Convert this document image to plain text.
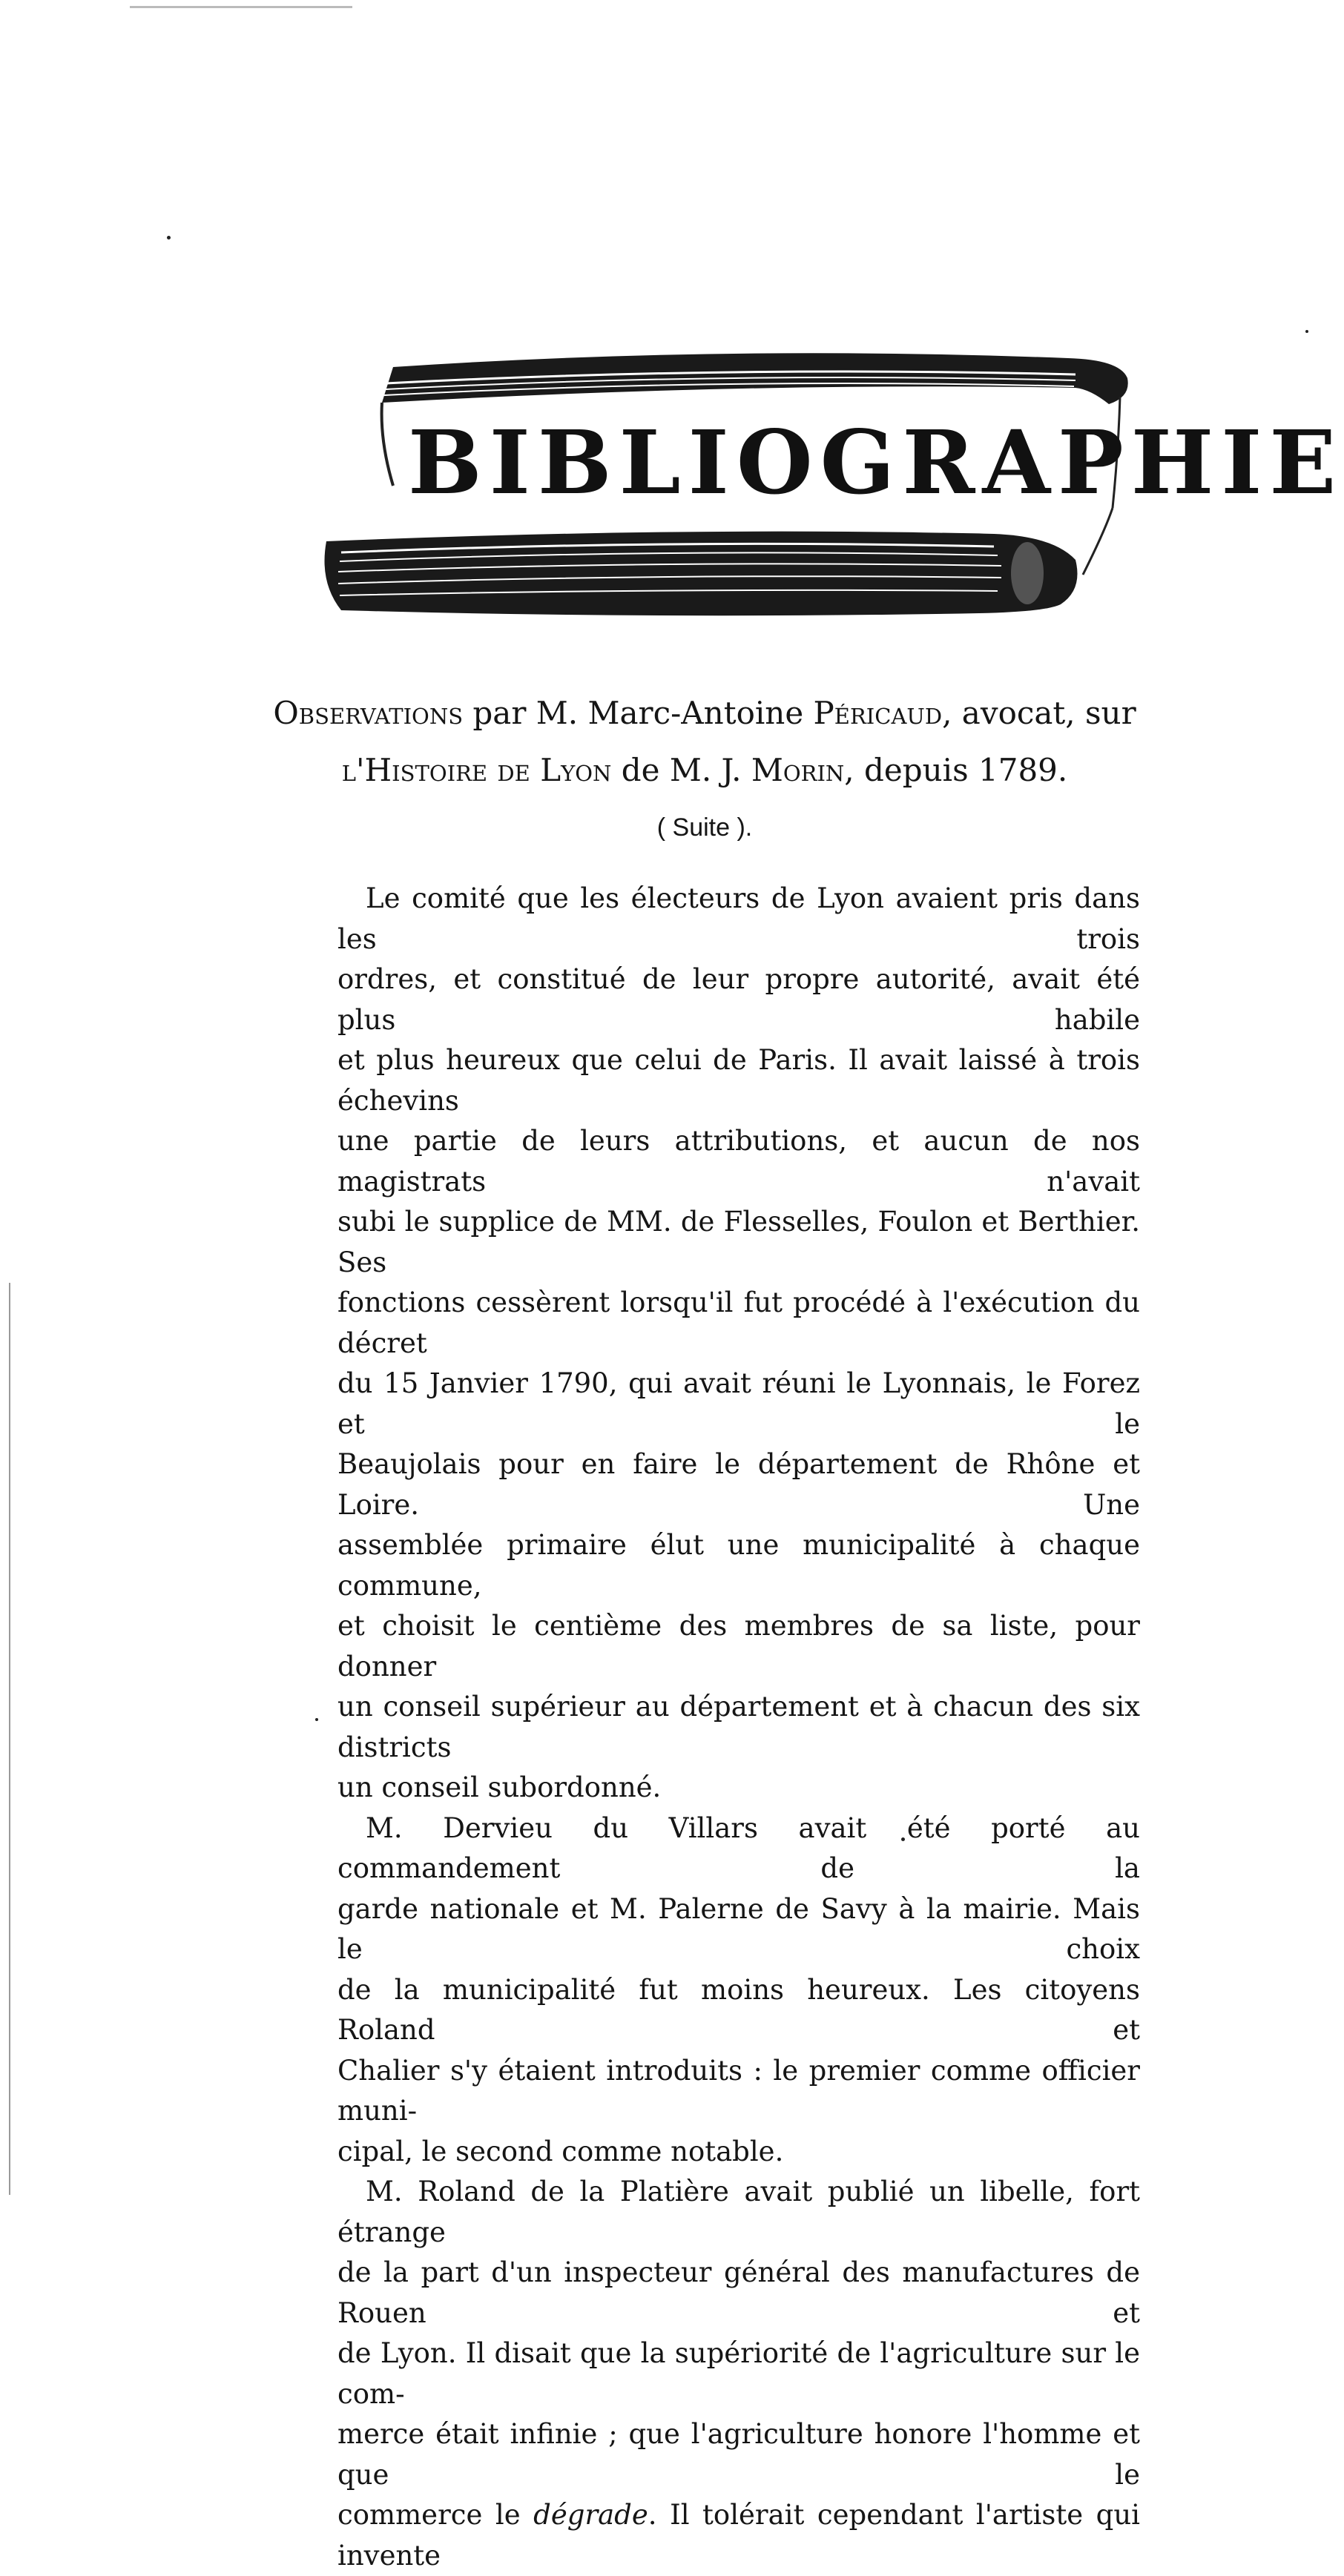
BIBLIOGRAPHIE
Observations par M. Marc-Antoine Péricaud, avocat, sur
l'Histoire de Lyon de M. J. Morin, depuis 1789.
( Suite ).
Le comité que les électeurs de Lyon avaient pris dans les trois
ordres, et constitué de leur propre autorité, avait été plus habile
et plus heureux que celui de Paris. Il avait laissé à trois échevins
une partie de leurs attributions, et aucun de nos magistrats n'avait
subi le supplice de MM. de Flesselles, Foulon et Berthier. Ses
fonctions cessèrent lorsqu'il fut procédé à l'exécution du décret
du 15 Janvier 1790, qui avait réuni le Lyonnais, le Forez et le
Beaujolais pour en faire le département de Rhône et Loire. Une
assemblée primaire élut une municipalité à chaque commune,
et choisit le centième des membres de sa liste, pour donner
un conseil supérieur au département et à chacun des six districts
un conseil subordonné.
M. Dervieu du Villars avait été porté au commandement de la
garde nationale et M. Palerne de Savy à la mairie. Mais le choix
de la municipalité fut moins heureux. Les citoyens Roland et
Chalier s'y étaient introduits : le premier comme officier muni-
cipal, le second comme notable.
M. Roland de la Platière avait publié un libelle, fort étrange
de la part d'un inspecteur général des manufactures de Rouen et
de Lyon. Il disait que la supériorité de l'agriculture sur le com-
merce était infinie ; que l'agriculture honore l'homme et que le
commerce le dégrade. Il tolérait cependant l'artiste qui invente
